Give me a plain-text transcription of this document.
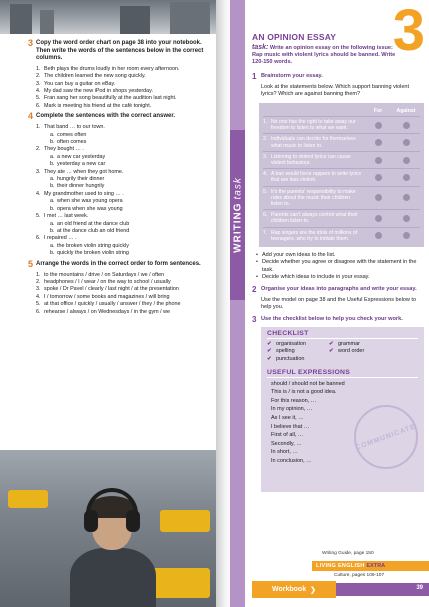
3 Copy the word order chart on page 38 into your notebook. Then write the words of the sentences below in the correct columns.
1. Beth plays the drums loudly in her room every afternoon.
2. The children learned the new song quickly.
3. You can buy a guitar on eBay.
4. My dad saw the new iPod in shops yesterday.
5. Fran sang her song beautifully at the audition last night.
6. Mark is meeting his friend at the café tonight.
4 Complete the sentences with the correct answer.
1. That band … to our town.
a. comes often
b. often comes
2. They bought … .
a. a new car yesterday
b. yesterday a new car
3. They ate … when they got home.
a. hungrily their dinner
b. their dinner hungrily
4. My grandmother used to sing … .
a. when she was young opera
b. opera when she was young
5. I met … last week.
a. an old friend at the dance club
b. at the dance club an old friend
6. I repaired … .
a. the broken violin string quickly
b. quickly the broken violin string
5 Arrange the words in the correct order to form sentences.
1. to the mountains / drive / on Saturdays / we / often
2. headphones / I / wear / on the way to school / usually
3. spoke / Dr Pavel / clearly / last night / at the presentation
4. I / tomorrow / some books and magazines / will bring
5. at that office / quickly / usually / answer / they / the phone
6. rehearse / always / on Wednesdays / in the gym / we
WRITINGtask
3
AN OPINION ESSAY
task: Write an opinion essay on the following issue: Rap music with violent lyrics should be banned. Write 120-150 words.
1 Brainstorm your essay.
Look at the statements below. Which support banning violent lyrics? Which are against banning them?
For	Against
1. No one has the right to take away our freedom to listen to what we want.
2. Individuals can decide for themselves what music to listen to.
3. Listening to violent lyrics can cause violent behaviour.
4. A ban would force rappers to write lyrics that are less violent.
5. It's the parents' responsibility to make rules about the music their children listen to.
6. Parents can't always control what their children listen to.
7. Rap singers are the idols of millions of teenagers, who try to imitate them.
• Add your own ideas to the list.
• Decide whether you agree or disagree with the statement in the task.
• Decide which ideas to include in your essay.
2 Organise your ideas into paragraphs and write your essay.
Use the model on page 38 and the Useful Expressions below to help you.
3 Use the checklist below to help you check your work.
CHECKLIST
✔ organisation	✔ grammar
✔ spelling	✔ word order
✔ punctuation
USEFUL EXPRESSIONS
should / should not be banned
This is / is not a good idea.
For this reason, …
In my opinion, …
As I see it, …
I believe that …
First of all, …
Secondly, …
In short, …
In conclusion, …
COMMUNICATE
Writing Guide, page 150
LIVING ENGLISH EXTRA
Culture, pages 106-107
Workbook ❯	39
